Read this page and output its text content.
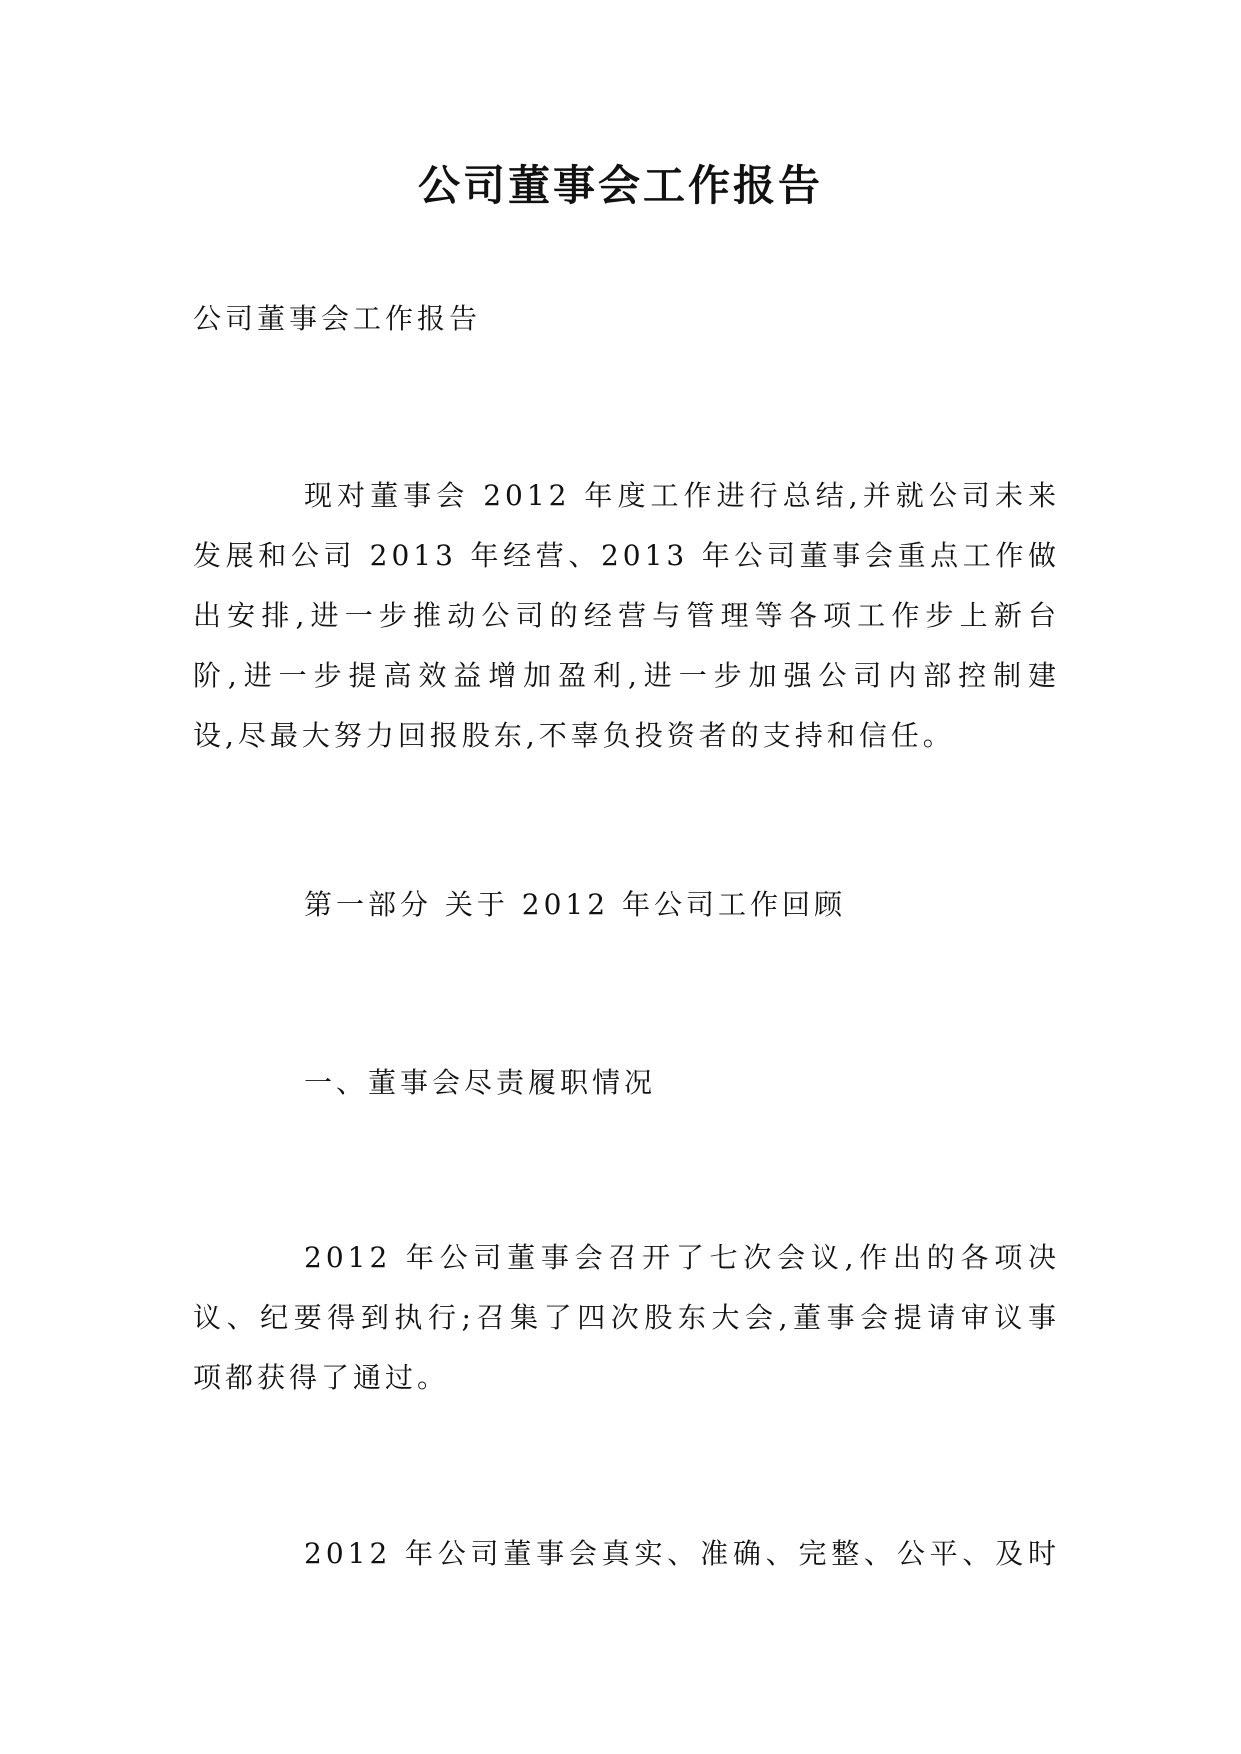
公司董事会工作报告
公司董事会工作报告
现对董事会 2012 年度工作进行总结,并就公司未来
发展和公司 2013 年经营、2013 年公司董事会重点工作做
出安排,进一步推动公司的经营与管理等各项工作步上新台
阶,进一步提高效益增加盈利,进一步加强公司内部控制建
设,尽最大努力回报股东,不辜负投资者的支持和信任。
第一部分 关于 2012 年公司工作回顾
一、董事会尽责履职情况
2012 年公司董事会召开了七次会议,作出的各项决
议、纪要得到执行;召集了四次股东大会,董事会提请审议事
项都获得了通过。
2012 年公司董事会真实、准确、完整、公平、及时
